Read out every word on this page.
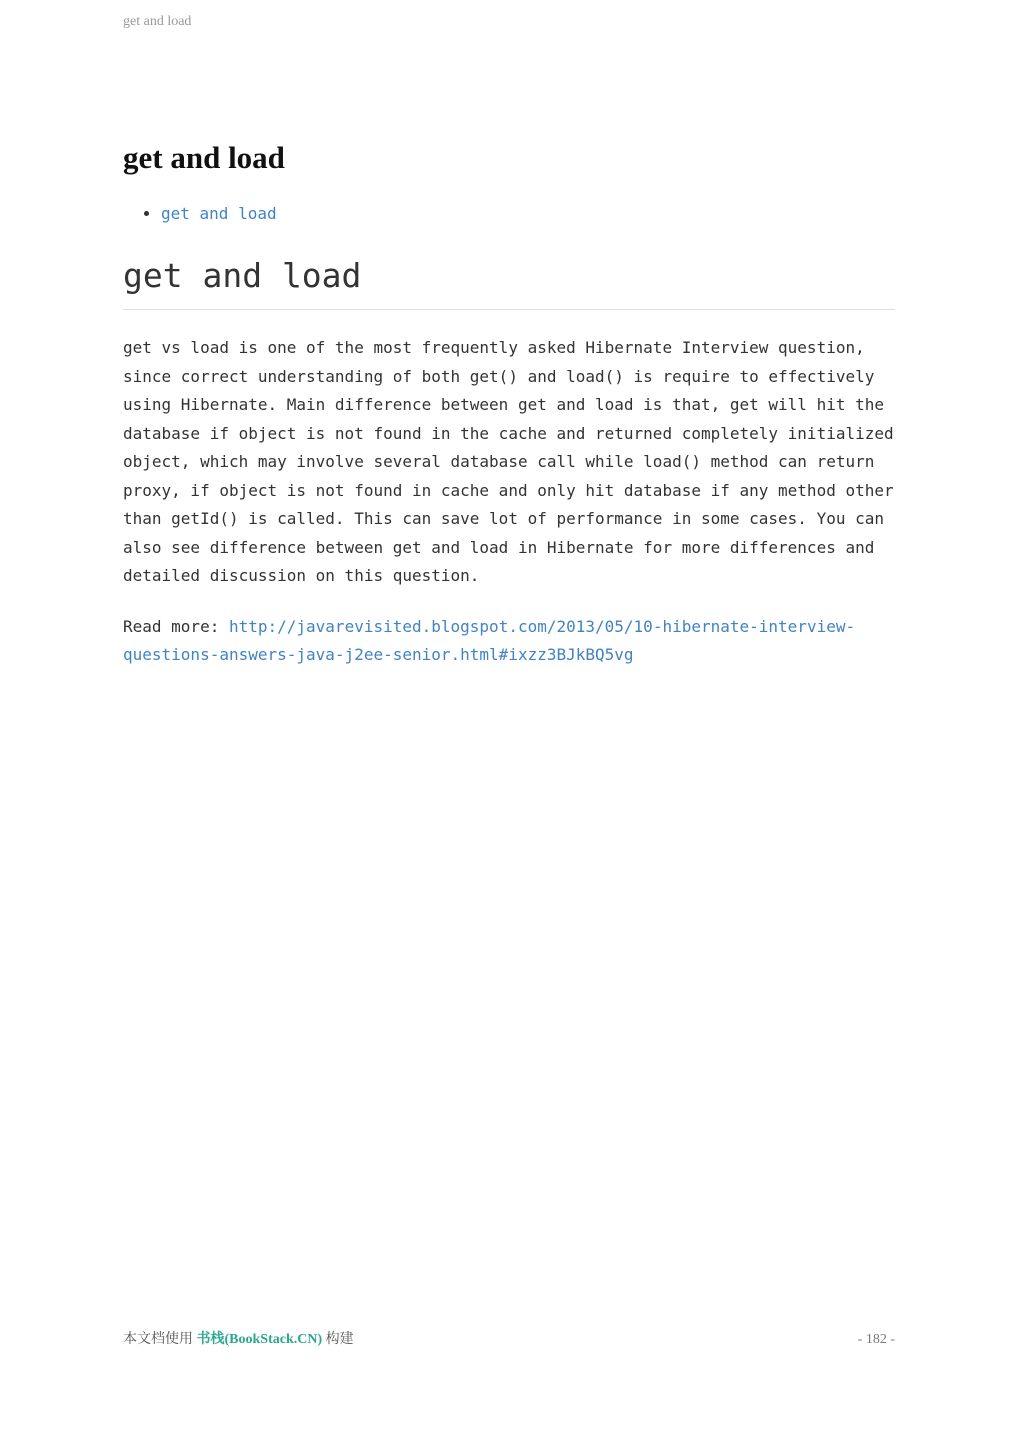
get and load
get and load
• get and load
get and load

get vs load is one of the most frequently asked Hibernate Interview question, since correct understanding of both get() and load() is require to effectively using Hibernate. Main difference between get and load is that, get will hit the database if object is not found in the cache and returned completely initialized object, which may involve several database call while load() method can return proxy, if object is not found in cache and only hit database if any method other than getId() is called. This can save lot of performance in some cases. You can also see difference between get and load in Hibernate for more differences and detailed discussion on this question.

Read more: http://javarevisited.blogspot.com/2013/05/10-hibernate-interview-questions-answers-java-j2ee-senior.html#ixzz3BJkBQ5vg

本文档使用 书栈(BookStack.CN) 构建	- 182 -
